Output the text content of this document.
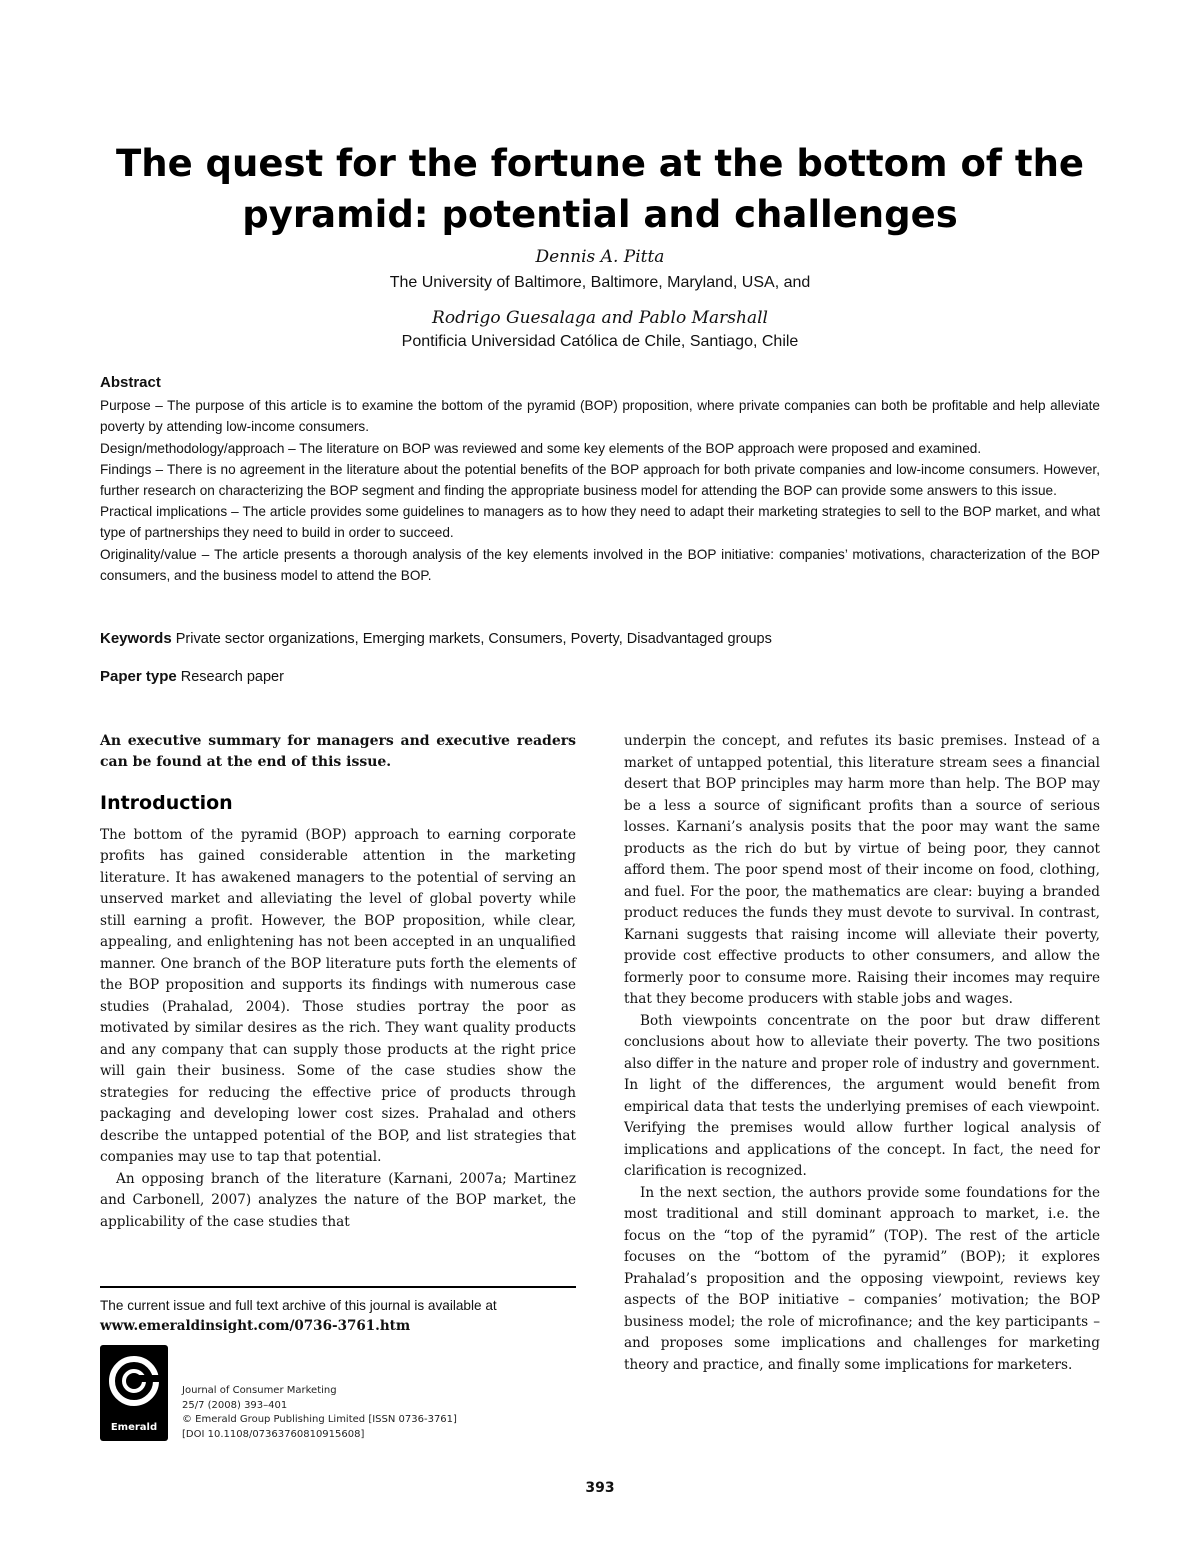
The quest for the fortune at the bottom of the
pyramid: potential and challenges
Dennis A. Pitta
The University of Baltimore, Baltimore, Maryland, USA, and
Rodrigo Guesalaga and Pablo Marshall
Pontificia Universidad Católica de Chile, Santiago, Chile
Abstract

Purpose – The purpose of this article is to examine the bottom of the pyramid (BOP) proposition, where private companies can both be profitable and help alleviate poverty by attending low-income consumers.

Design/methodology/approach – The literature on BOP was reviewed and some key elements of the BOP approach were proposed and examined.

Findings – There is no agreement in the literature about the potential benefits of the BOP approach for both private companies and low-income consumers. However, further research on characterizing the BOP segment and finding the appropriate business model for attending the BOP can provide some answers to this issue.

Practical implications – The article provides some guidelines to managers as to how they need to adapt their marketing strategies to sell to the BOP market, and what type of partnerships they need to build in order to succeed.

Originality/value – The article presents a thorough analysis of the key elements involved in the BOP initiative: companies’ motivations, characterization of the BOP consumers, and the business model to attend the BOP.

Keywords Private sector organizations, Emerging markets, Consumers, Poverty, Disadvantaged groups
Paper type Research paper

An executive summary for managers and executive readers can be found at the end of this issue.

Introduction

The bottom of the pyramid (BOP) approach to earning corporate profits has gained considerable attention in the marketing literature. It has awakened managers to the potential of serving an unserved market and alleviating the level of global poverty while still earning a profit. However, the BOP proposition, while clear, appealing, and enlightening has not been accepted in an unqualified manner. One branch of the BOP literature puts forth the elements of the BOP proposition and supports its findings with numerous case studies (Prahalad, 2004). Those studies portray the poor as motivated by similar desires as the rich. They want quality products and any company that can supply those products at the right price will gain their business. Some of the case studies show the strategies for reducing the effective price of products through packaging and developing lower cost sizes. Prahalad and others describe the untapped potential of the BOP, and list strategies that companies may use to tap that potential.

An opposing branch of the literature (Karnani, 2007a; Martinez and Carbonell, 2007) analyzes the nature of the BOP market, the applicability of the case studies that

underpin the concept, and refutes its basic premises. Instead of a market of untapped potential, this literature stream sees a financial desert that BOP principles may harm more than help. The BOP may be a less a source of significant profits than a source of serious losses. Karnani’s analysis posits that the poor may want the same products as the rich do but by virtue of being poor, they cannot afford them. The poor spend most of their income on food, clothing, and fuel. For the poor, the mathematics are clear: buying a branded product reduces the funds they must devote to survival. In contrast, Karnani suggests that raising income will alleviate their poverty, provide cost effective products to other consumers, and allow the formerly poor to consume more. Raising their incomes may require that they become producers with stable jobs and wages.

Both viewpoints concentrate on the poor but draw different conclusions about how to alleviate their poverty. The two positions also differ in the nature and proper role of industry and government. In light of the differences, the argument would benefit from empirical data that tests the underlying premises of each viewpoint. Verifying the premises would allow further logical analysis of implications and applications of the concept. In fact, the need for clarification is recognized.

In the next section, the authors provide some foundations for the most traditional and still dominant approach to market, i.e. the focus on the “top of the pyramid” (TOP). The rest of the article focuses on the “bottom of the pyramid” (BOP); it explores Prahalad’s proposition and the opposing viewpoint, reviews key aspects of the BOP initiative – companies’ motivation; the BOP business model; the role of microfinance; and the key participants – and proposes some implications and challenges for marketing theory and practice, and finally some implications for marketers.

The current issue and full text archive of this journal is available at
www.emeraldinsight.com/0736-3761.htm
Emerald
Journal of Consumer Marketing
25/7 (2008) 393–401
© Emerald Group Publishing Limited [ISSN 0736-3761]
[DOI 10.1108/07363760810915608]
393
